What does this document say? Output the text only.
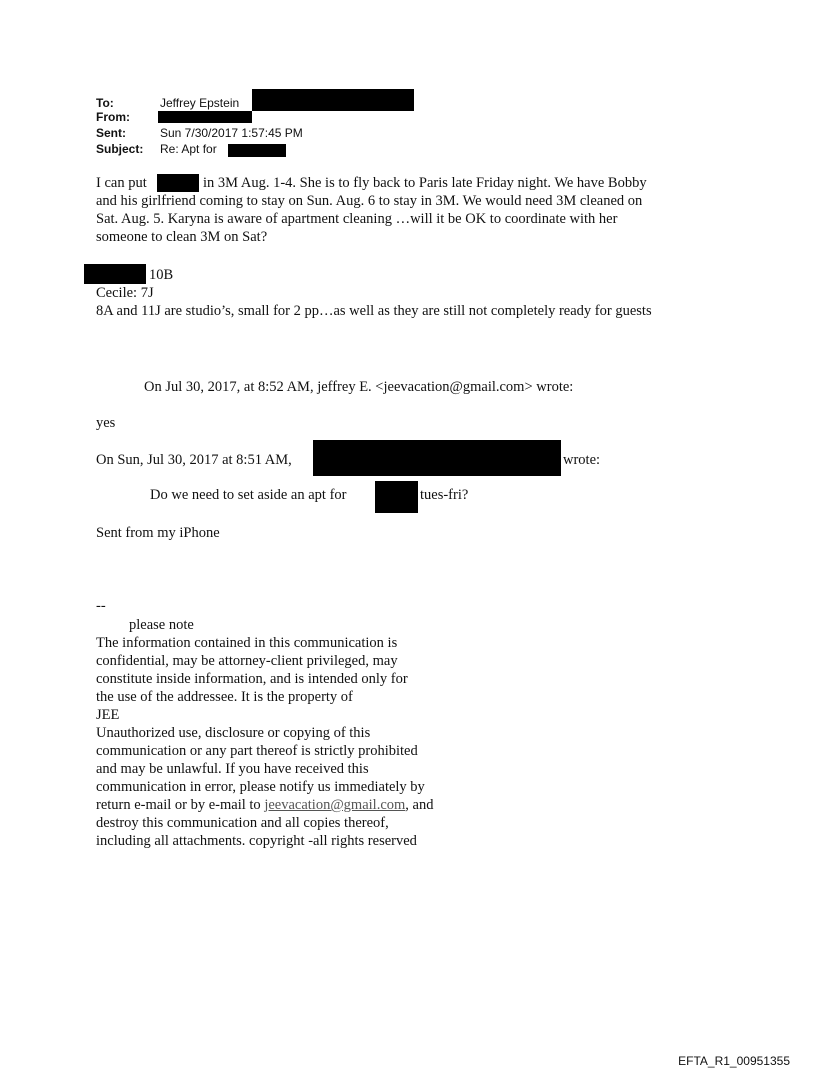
To:	Jeffrey Epstein
From:
Sent:	Sun 7/30/2017 1:57:45 PM
Subject: Re: Apt for
I can put	in 3M Aug. 1-4. She is to fly back to Paris late Friday night. We have Bobby
and his girlfriend coming to stay on Sun. Aug. 6 to stay in 3M. We would need 3M cleaned on
Sat. Aug. 5. Karyna is aware of apartment cleaning …will it be OK to coordinate with her
someone to clean 3M on Sat?
10B
Cecile: 7J
8A and 11J are studio’s, small for 2 pp…as well as they are still not completely ready for guests
On Jul 30, 2017, at 8:52 AM, jeffrey E. <jeevacation@gmail.com> wrote:
yes
On Sun, Jul 30, 2017 at 8:51 AM,	wrote:
Do we need to set aside an apt for	tues-fri?
Sent from my iPhone
--
please note
The information contained in this communication is
confidential, may be attorney-client privileged, may
constitute inside information, and is intended only for
the use of the addressee. It is the property of
JEE
Unauthorized use, disclosure or copying of this
communication or any part thereof is strictly prohibited
and may be unlawful. If you have received this
communication in error, please notify us immediately by
return e-mail or by e-mail to jeevacation@gmail.com, and
destroy this communication and all copies thereof,
including all attachments. copyright -all rights reserved
EFTA_R1_00951355
